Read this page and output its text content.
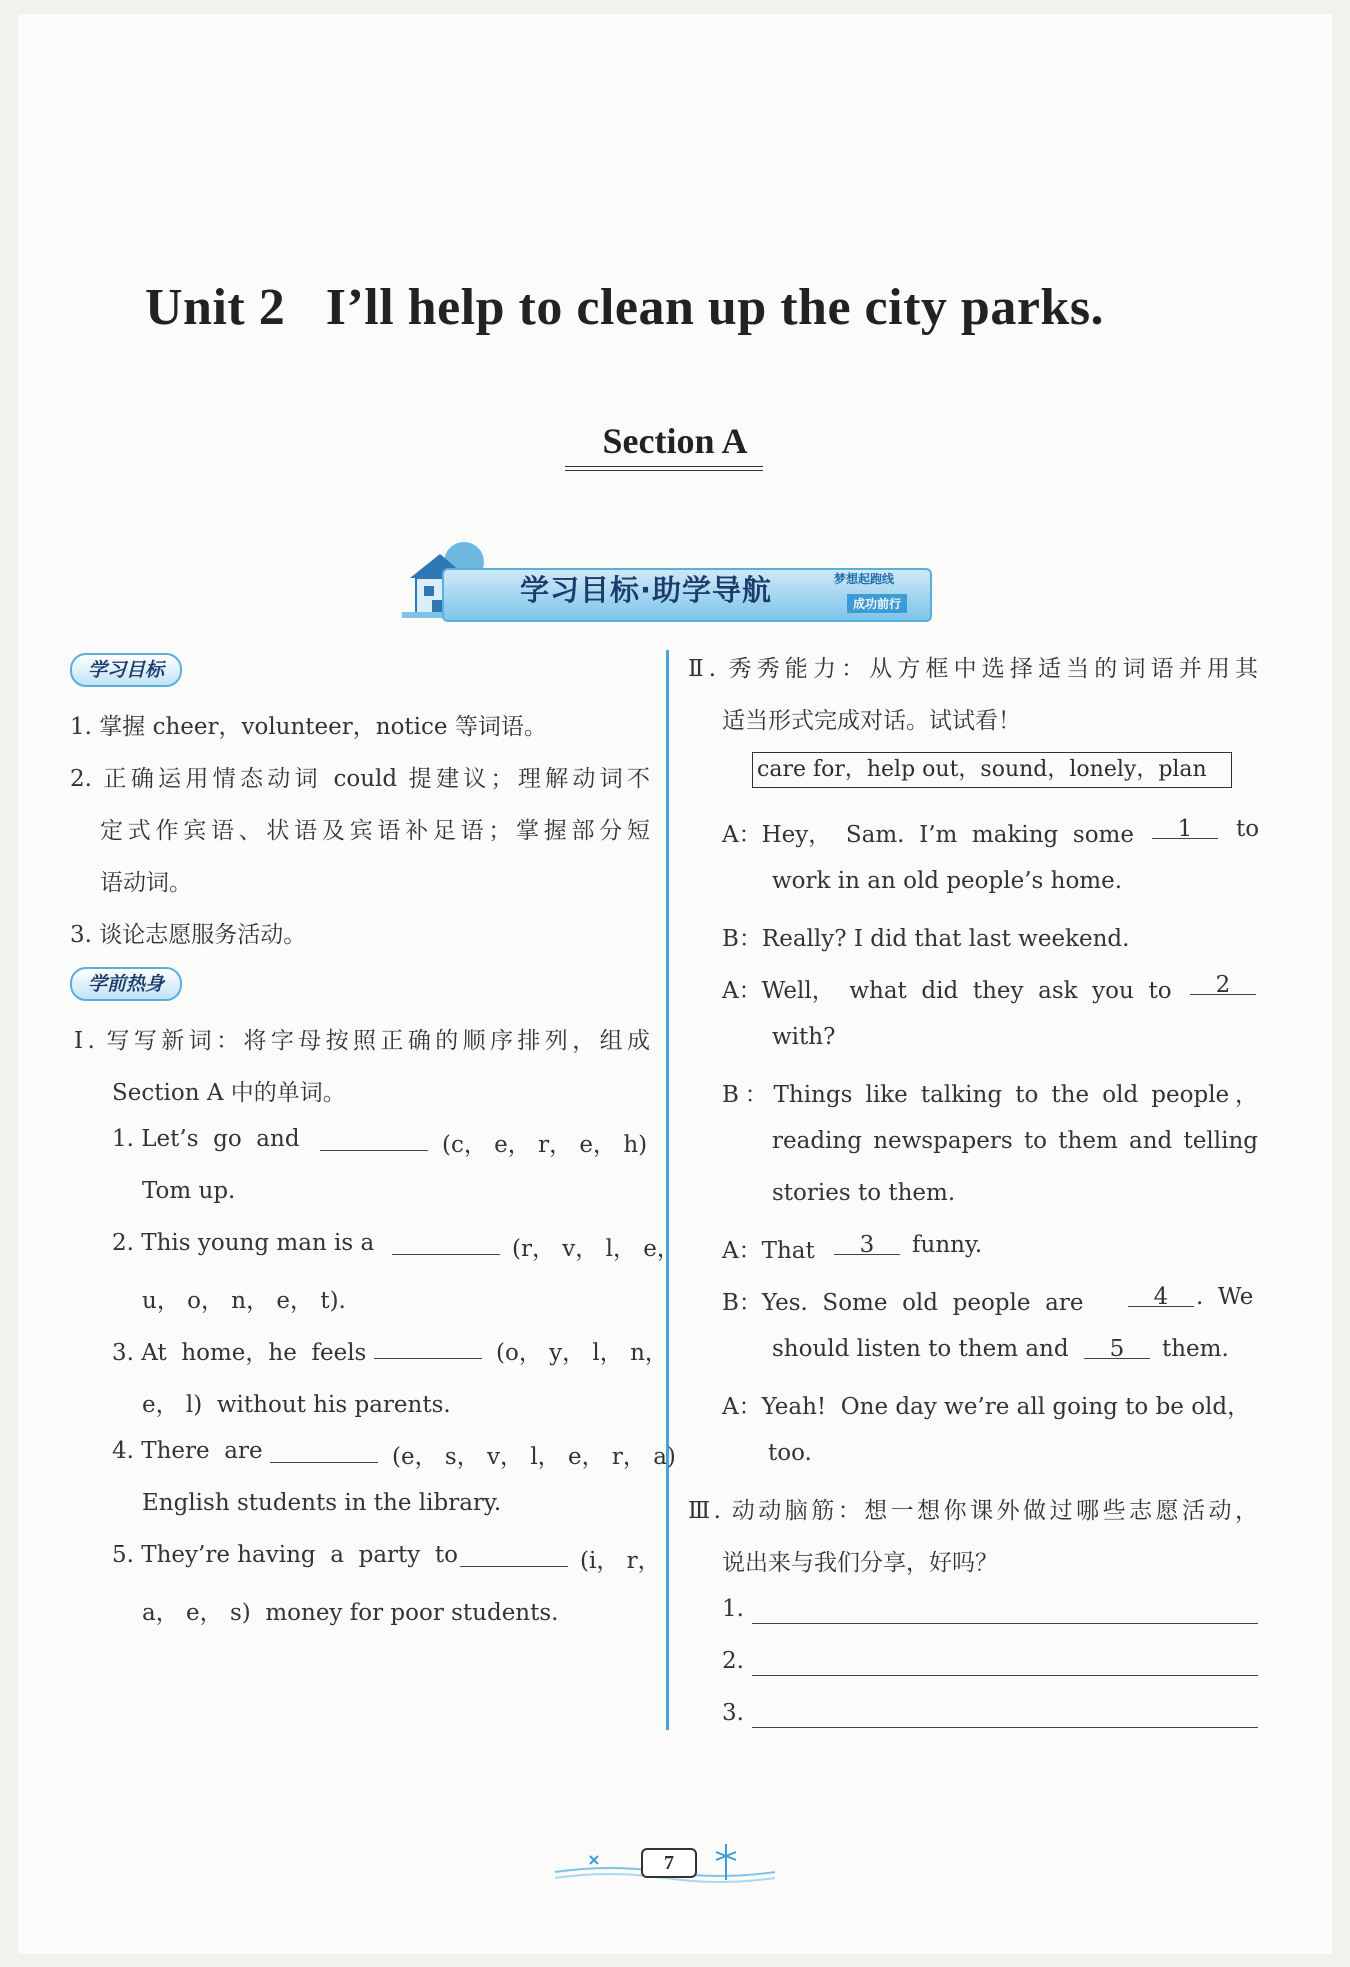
Unit 2   I’ll help to clean up the city parks.
Section A
学习目标·助学导航	梦想起跑线
成功前行
学习目标
1. 掌握 cheer，volunteer，notice 等词语。
2. 正确运用情态动词 could 提建议；理解动词不
定式作宾语、状语及宾语补足语；掌握部分短
语动词。
3. 谈论志愿服务活动。
学前热身
Ⅰ. 写写新词：将字母按照正确的顺序排列，组成
Section A 中的单词。
1. Let’s  go  and	(c， e， r， e， h)
Tom up.
2. This young man is a	(r， v， l， e，
u， o， n， e， t).
3. At  home，he  feels	(o， y， l， n，
e， l)  without his parents.
4. There  are	(e， s， v， l， e， r， a)
English students in the library.
5. They’re having  a  party  to	(i， r，
a， e， s)  money for poor students.
Ⅱ. 秀秀能力：从方框中选择适当的词语并用其
适当形式完成对话。试试看！
care for，help out，sound，lonely，plan
A：Hey，  Sam.  I’m  making  some	1	to
work in an old people’s home.
B：Really? I did that last weekend.
A：Well，  what  did  they  ask  you  to	2
with?
B：Things like talking to the old people，
reading newspapers to them and telling
stories to them.
A：That	3	funny.
B：Yes.  Some  old  people  are	4	.  We
should listen to them and	5	them.
A：Yeah!  One day we’re all going to be old，
too.
Ⅲ. 动动脑筋：想一想你课外做过哪些志愿活动，
说出来与我们分享，好吗？
1.
2.
3.
7
